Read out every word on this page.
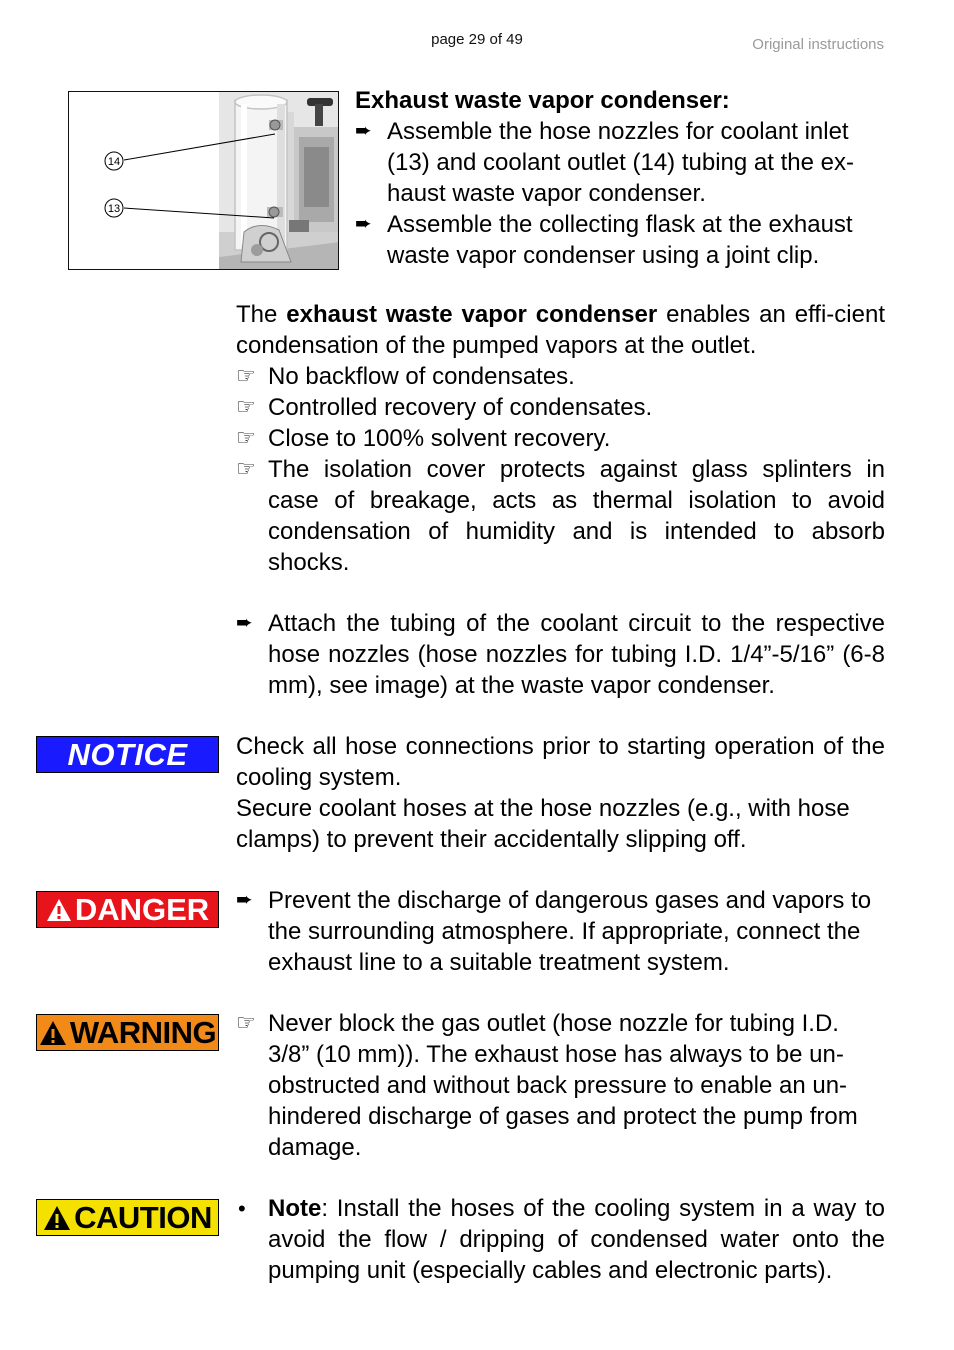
page 29 of 49	Original instructions
14
13
Exhaust waste vapor condenser:
➨ Assemble the hose nozzles for coolant inlet (13) and coolant outlet (14) tubing at the ex-haust waste vapor condenser.
➨ Assemble the collecting flask at the exhaust waste vapor condenser using a joint clip.
The exhaust waste vapor condenser enables an effi-cient condensation of the pumped vapors at the outlet.
☞ No backflow of condensates.
☞ Controlled recovery of condensates.
☞ Close to 100% solvent recovery.
☞ The isolation cover protects against glass splinters in case of breakage, acts as thermal isolation to avoid condensation of humidity and is intended to absorb shocks.
➨ Attach the tubing of the coolant circuit to the respective hose nozzles (hose nozzles for tubing I.D. 1/4”-5/16” (6-8 mm), see image) at the waste vapor condenser.
NOTICE Check all hose connections prior to starting operation of the cooling system.
Secure coolant hoses at the hose nozzles (e.g., with hose clamps) to prevent their accidentally slipping off.
DANGER ➨ Prevent the discharge of dangerous gases and vapors to the surrounding atmosphere. If appropriate, connect the exhaust line to a suitable treatment system.
WARNING ☞ Never block the gas outlet (hose nozzle for tubing I.D. 3/8” (10 mm)). The exhaust hose has always to be un-obstructed and without back pressure to enable an un-hindered discharge of gases and protect the pump from damage.
CAUTION • Note: Install the hoses of the cooling system in a way to avoid the flow / dripping of condensed water onto the pumping unit (especially cables and electronic parts).
